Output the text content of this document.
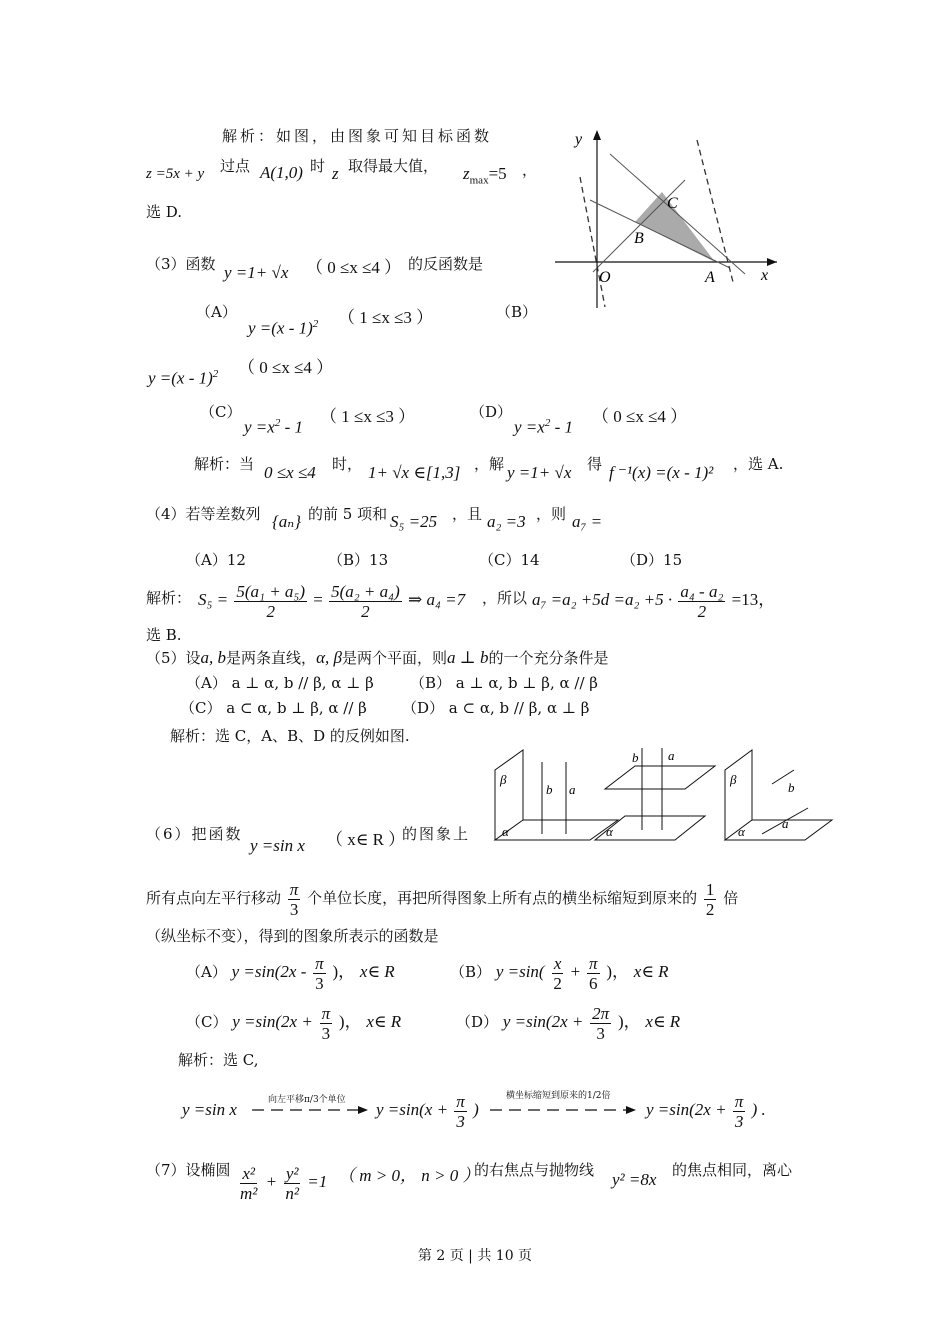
解析：如图，由图象可知目标函数
z =5x + y 过点 A(1,0) 时 z 取得最大值， $z_{max}=5$ ，
选 D.
y
x
O	A
B
C
（3）函数 y =1+ √x （ 0 ≤x ≤4 ） 的反函数是
（A）
y =(x - 1)$^2$ （ 1 ≤x ≤3 ）	（B）
y =(x - 1)$^2$ （ 0 ≤x ≤4 ）
（C）
$y =x^2 - 1$
（ 1 ≤x ≤3 ）	（D）
$y =x^2 - 1$
（ 0 ≤x ≤4 ）
解析：当 0 ≤x ≤4 时， 1+ √x ∈[1,3] ，解 y =1+ √x 得 f ⁻¹(x) =(x - 1)² ，选 A.
（4）若等差数列 {aₙ} 的前 5 项和 S₅ =25 ，且 a₂ =3 ，则 a₇ =
（A）12	（B）13	（C）14	（D）15
解析： $S_5 = \frac{\text{5(a₁ + a₅)}}{2} = \frac{\text{5(a₂ + a₄)}}{2}$ ⇒ a₄ =7 ，所以 $a_7 =a_2 +5d =a_2 +5 \cdot \frac{\text{a₄ - a₂}}{2} =13$，
选 B.
（5）设a, b是两条直线，α, β是两个平面，则a ⊥ b的一个充分条件是
（A） a ⊥ α, b // β, α ⊥ β （B） a ⊥ α, b ⊥ β, α // β
（C） a ⊂ α, b ⊥ β, α // β （D） a ⊂ α, b // β, α ⊥ β
解析：选 C，A、B、D 的反例如图.
β
b a
α
b a
α
β
b
a
α
（6）把函数
y =sin x （ x∈ R ）
的图象上
所有点向左平行移动 $\frac{\pi}{3}$ 个单位长度，再把所得图象上所有点的横坐标缩短到原来的 $\frac{1}{2}$ 倍
（纵坐标不变），得到的图象所表示的函数是
（A） $y =\sin(2x - \frac{\pi}{3}$ )， x∈ R	（B） $y =\sin( \frac{x}{2} + \frac{\pi}{6}$ )， x∈ R
（C） $y =\sin(2x + \frac{\pi}{3}$ )， x∈ R	（D） $y =\sin(2x + \frac{2\pi}{3}$ )， x∈ R
解析：选 C,
y =sin x	向左平移π/3个单位 $y =\sin(x + \frac{\pi}{3}$ )
横坐标缩短到原来的1/2倍
$y =\sin(2x + \frac{\pi}{3}$ ) .
（7）设椭圆 $\frac{\text{x²}}{\text{m²}} + \frac{\text{y²}}{\text{n²}} =1$ （ m > 0， n > 0 ）
的右焦点与抛物线 y² =8x 的焦点相同，离心
第 2 页 | 共 10 页
